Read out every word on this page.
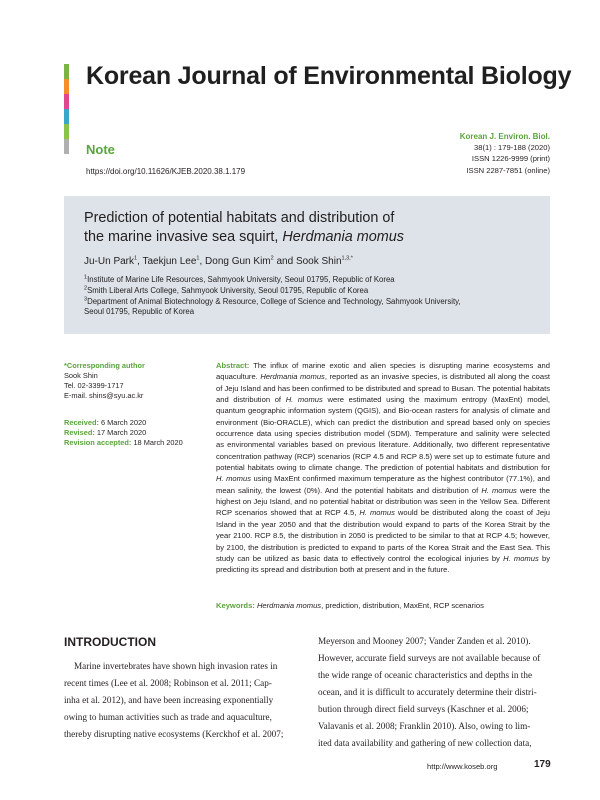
Korean Journal of Environmental Biology
Note
https://doi.org/10.11626/KJEB.2020.38.1.179
Korean J. Environ. Biol.
38(1) : 179-188 (2020)
ISSN 1226-9999 (print)
ISSN 2287-7851 (online)
Prediction of potential habitats and distribution of
the marine invasive sea squirt, Herdmania momus
Ju-Un Park$^1$, Taekjun Lee$^1$, Dong Gun Kim$^2$ and Sook Shin$^{1,3,*}$
$^1$Institute of Marine Life Resources, Sahmyook University, Seoul 01795, Republic of Korea
$^2$Smith Liberal Arts College, Sahmyook University, Seoul 01795, Republic of Korea
$^3$Department of Animal Biotechnology & Resource, College of Science and Technology, Sahmyook University,
Seoul 01795, Republic of Korea
*Corresponding author
Sook Shin
Tel. 02-3399-1717
E-mail. shins@syu.ac.kr
Received: 6 March 2020
Revised: 17 March 2020
Revision accepted: 18 March 2020
Abstract: The influx of marine exotic and alien species is disrupting marine ecosystems and aquaculture. Herdmania momus, reported as an invasive species, is distributed all along the coast of Jeju Island and has been confirmed to be distributed and spread to Busan. The potential habitats and distribution of H. momus were estimated using the maximum entropy (MaxEnt) model, quantum geographic information system (QGIS), and Bio-ocean rasters for analysis of climate and environment (Bio-ORACLE), which can predict the distribution and spread based only on species occurrence data using species distribution model (SDM). Temperature and salinity were selected as environmental variables based on previous literature. Additionally, two different representative concentration pathway (RCP) scenarios (RCP 4.5 and RCP 8.5) were set up to estimate future and potential habitats owing to climate change. The prediction of potential habitats and distribution for H. momus using MaxEnt confirmed maximum temperature as the highest contributor (77.1%), and mean salinity, the lowest (0%). And the potential habitats and distribution of H. momus were the highest on Jeju Island, and no potential habitat or distribution was seen in the Yellow Sea. Different RCP scenarios showed that at RCP 4.5, H. momus would be distributed along the coast of Jeju Island in the year 2050 and that the distribution would expand to parts of the Korea Strait by the year 2100. RCP 8.5, the distribution in 2050 is predicted to be similar to that at RCP 4.5; however, by 2100, the distribution is predicted to expand to parts of the Korea Strait and the East Sea. This study can be utilized as basic data to effectively control the ecological injuries by H. momus by predicting its spread and distribution both at present and in the future.
Keywords: Herdmania momus, prediction, distribution, MaxEnt, RCP scenarios
INTRODUCTION
Marine invertebrates have shown high invasion rates in
recent times (Lee et al. 2008; Robinson et al. 2011; Cap-
inha et al. 2012), and have been increasing exponentially
owing to human activities such as trade and aquaculture,
thereby disrupting native ecosystems (Kerckhof et al. 2007;
Meyerson and Mooney 2007; Vander Zanden et al. 2010).
However, accurate field surveys are not available because of
the wide range of oceanic characteristics and depths in the
ocean, and it is difficult to accurately determine their distri-
bution through direct field surveys (Kaschner et al. 2006;
Valavanis et al. 2008; Franklin 2010). Also, owing to lim-
ited data availability and gathering of new collection data,
http://www.koseb.org	179
